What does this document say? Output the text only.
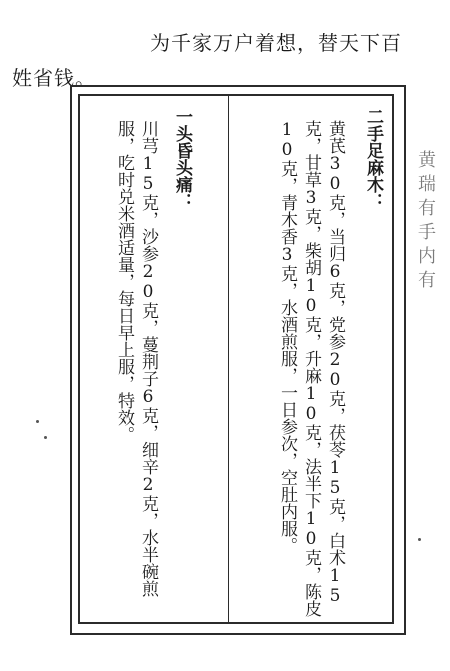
为千家万户着想，替天下百
姓省钱。
二手足麻木：
黄芪30克，当归6克，党参20克，茯苓15克，白术15克，甘草3克，柴胡10克，升麻10克，法半下10克，陈皮10克，青木香3克，水酒煎服，一日参次，空肚内服。
一头昏头痛：
川芎15克，沙参20克，蔓荆子6克，细辛2克，水半碗煎服，吃时兑米酒适量，每日早上服，特效。	黄瑞有手内有
